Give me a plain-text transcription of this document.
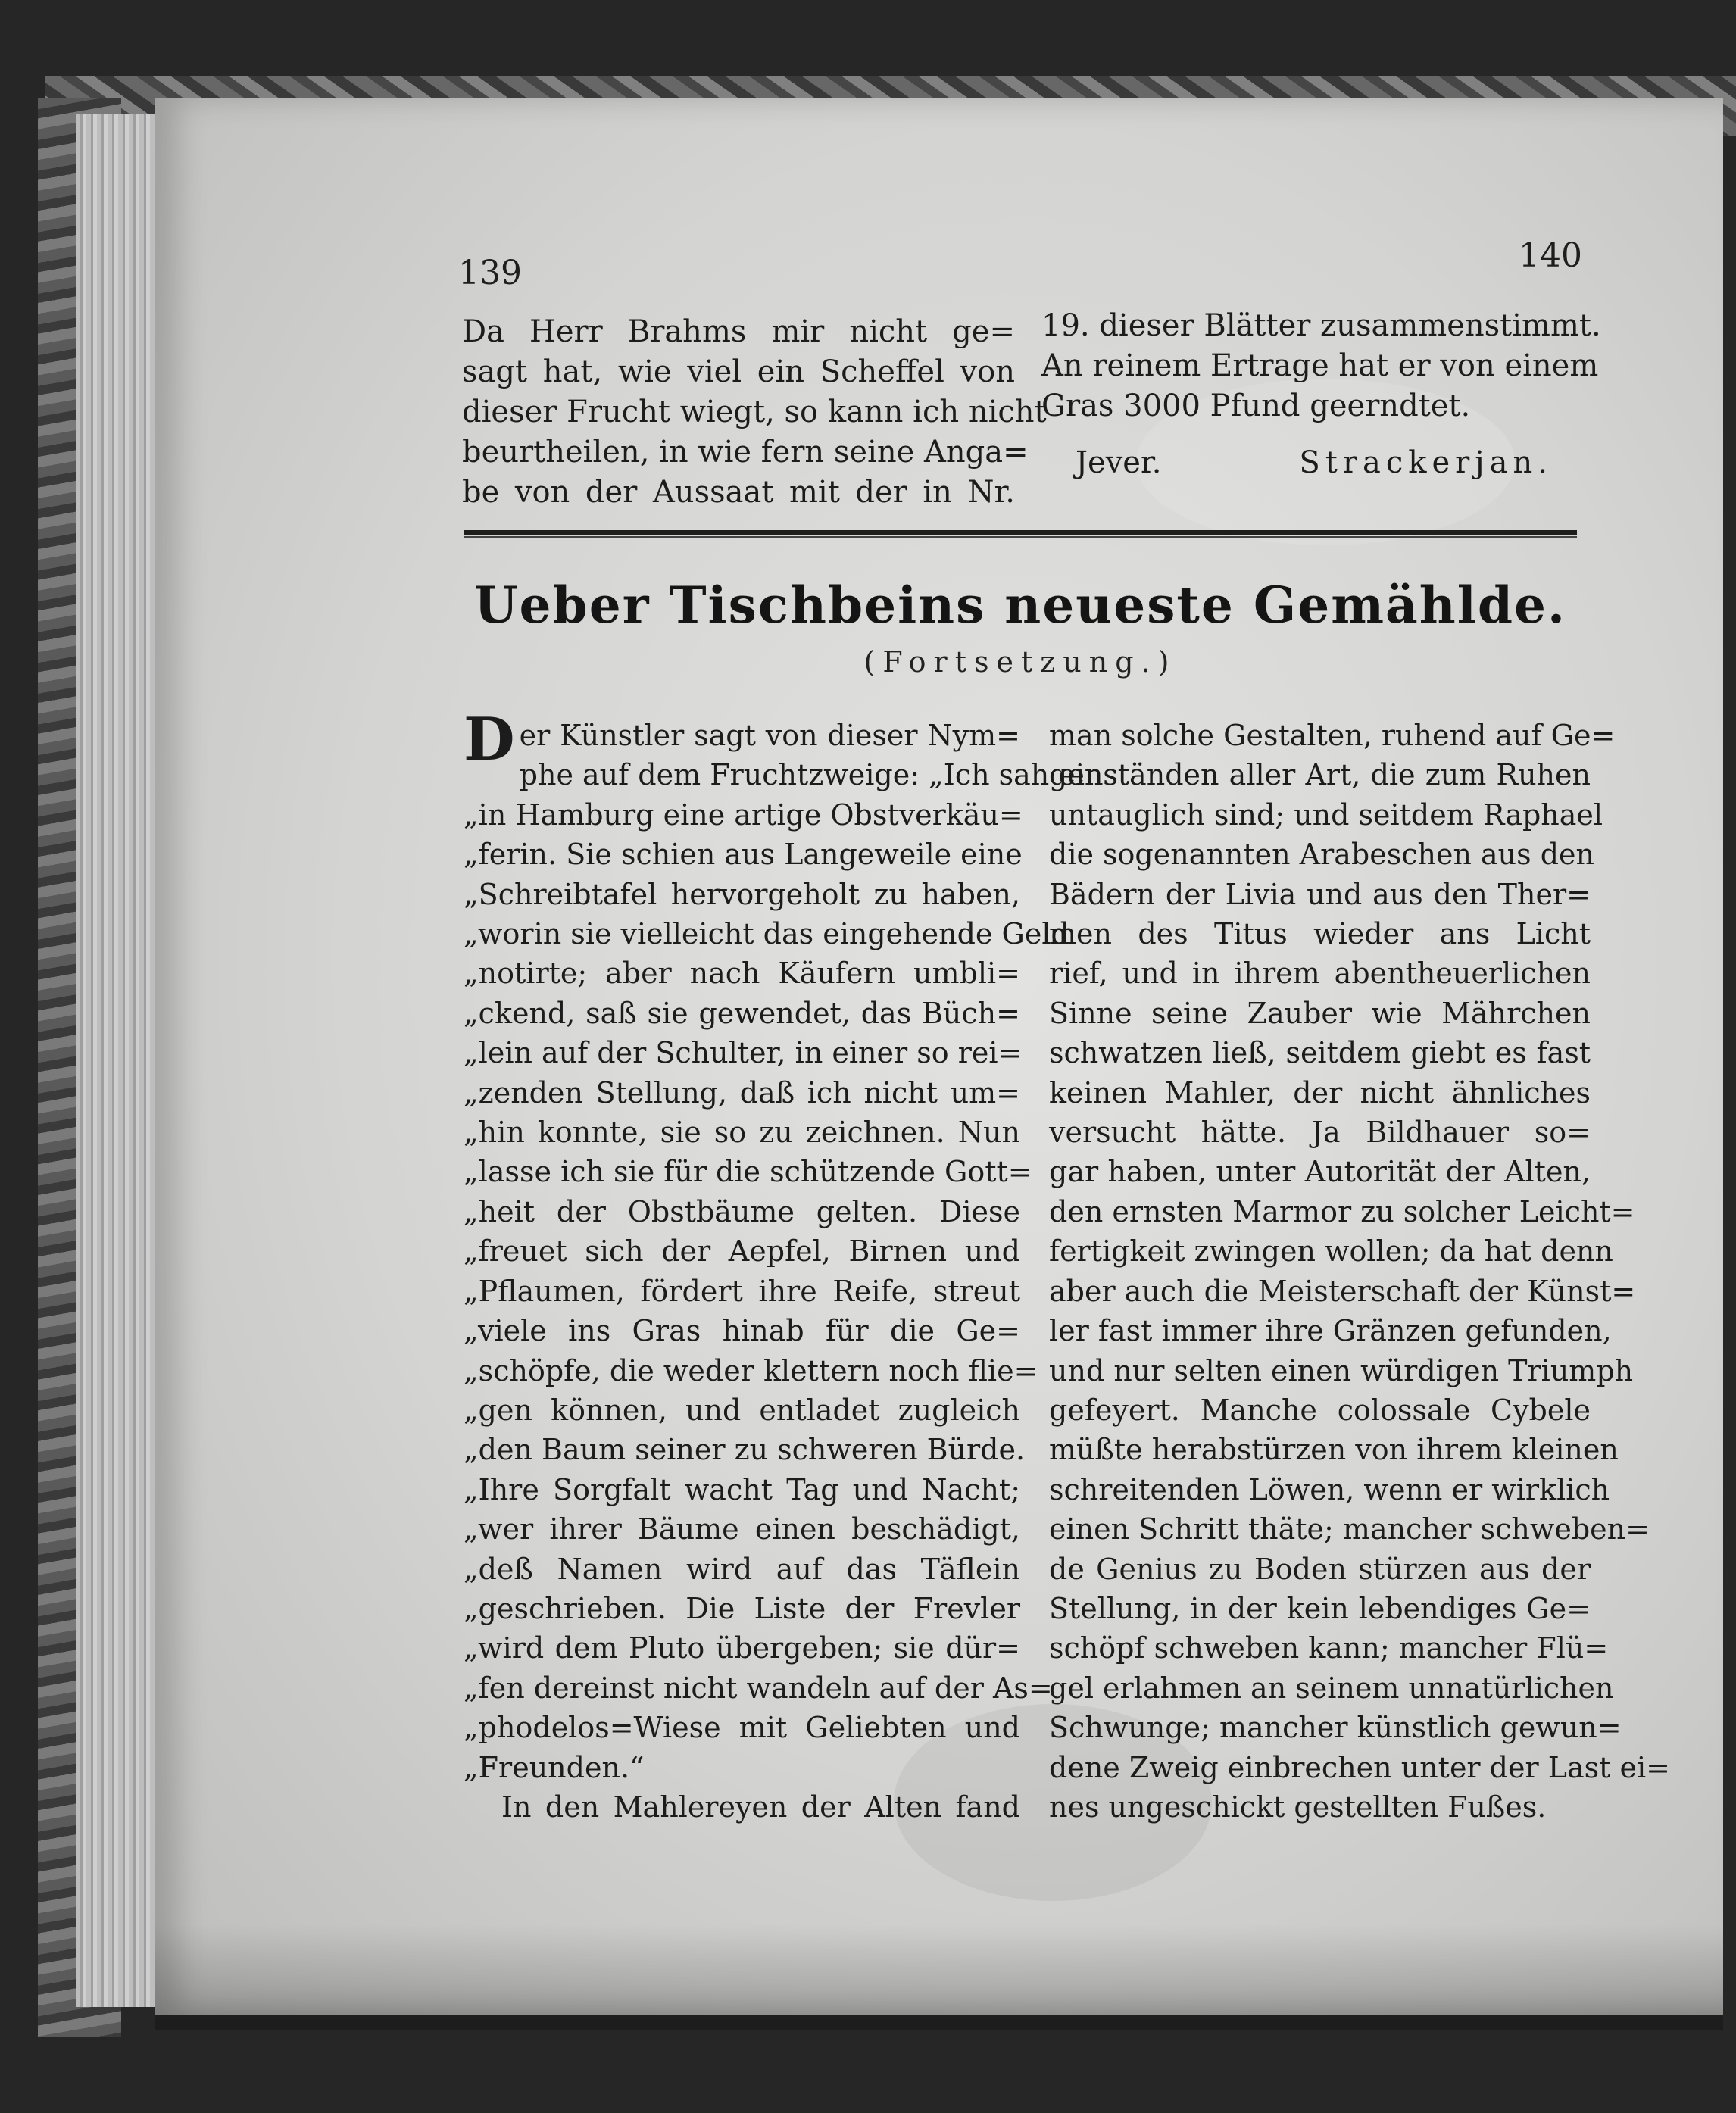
139	140

Da Herr Brahms mir nicht ge=

sagt hat, wie viel ein Scheffel von

dieser Frucht wiegt, so kann ich nicht

beurtheilen, in wie fern seine Anga=

be von der Aussaat mit der in Nr.

19. dieser Blätter zusammenstimmt.

An reinem Ertrage hat er von einem

Gras 3000 Pfund geerndtet.

Jever.	Strackerjan.
Ueber Tischbeins neueste Gemählde.
(Fortsetzung.)

Der Künstler sagt von dieser Nym=

phe auf dem Fruchtzweige: „Ich sah einst

„in Hamburg eine artige Obstverkäu=

„ferin. Sie schien aus Langeweile eine

„Schreibtafel hervorgeholt zu haben,

„worin sie vielleicht das eingehende Geld

„notirte; aber nach Käufern umbli=

„ckend, saß sie gewendet, das Büch=

„lein auf der Schulter, in einer so rei=

„zenden Stellung, daß ich nicht um=

„hin konnte, sie so zu zeichnen. Nun

„lasse ich sie für die schützende Gott=

„heit der Obstbäume gelten. Diese

„freuet sich der Aepfel, Birnen und

„Pflaumen, fördert ihre Reife, streut

„viele ins Gras hinab für die Ge=

„schöpfe, die weder klettern noch flie=

„gen können, und entladet zugleich

„den Baum seiner zu schweren Bürde.

„Ihre Sorgfalt wacht Tag und Nacht;

„wer ihrer Bäume einen beschädigt,

„deß Namen wird auf das Täflein

„geschrieben. Die Liste der Frevler

„wird dem Pluto übergeben; sie dür=

„fen dereinst nicht wandeln auf der As=

„phodelos=Wiese mit Geliebten und

„Freunden.“

In den Mahlereyen der Alten fand

man solche Gestalten, ruhend auf Ge=

genständen aller Art, die zum Ruhen

untauglich sind; und seitdem Raphael

die sogenannten Arabeschen aus den

Bädern der Livia und aus den Ther=

men des Titus wieder ans Licht

rief, und in ihrem abentheuerlichen

Sinne seine Zauber wie Mährchen

schwatzen ließ, seitdem giebt es fast

keinen Mahler, der nicht ähnliches

versucht hätte. Ja Bildhauer so=

gar haben, unter Autorität der Alten,

den ernsten Marmor zu solcher Leicht=

fertigkeit zwingen wollen; da hat denn

aber auch die Meisterschaft der Künst=

ler fast immer ihre Gränzen gefunden,

und nur selten einen würdigen Triumph

gefeyert. Manche colossale Cybele

müßte herabstürzen von ihrem kleinen

schreitenden Löwen, wenn er wirklich

einen Schritt thäte; mancher schweben=

de Genius zu Boden stürzen aus der

Stellung, in der kein lebendiges Ge=

schöpf schweben kann; mancher Flü=

gel erlahmen an seinem unnatürlichen

Schwunge; mancher künstlich gewun=

dene Zweig einbrechen unter der Last ei=

nes ungeschickt gestellten Fußes.
